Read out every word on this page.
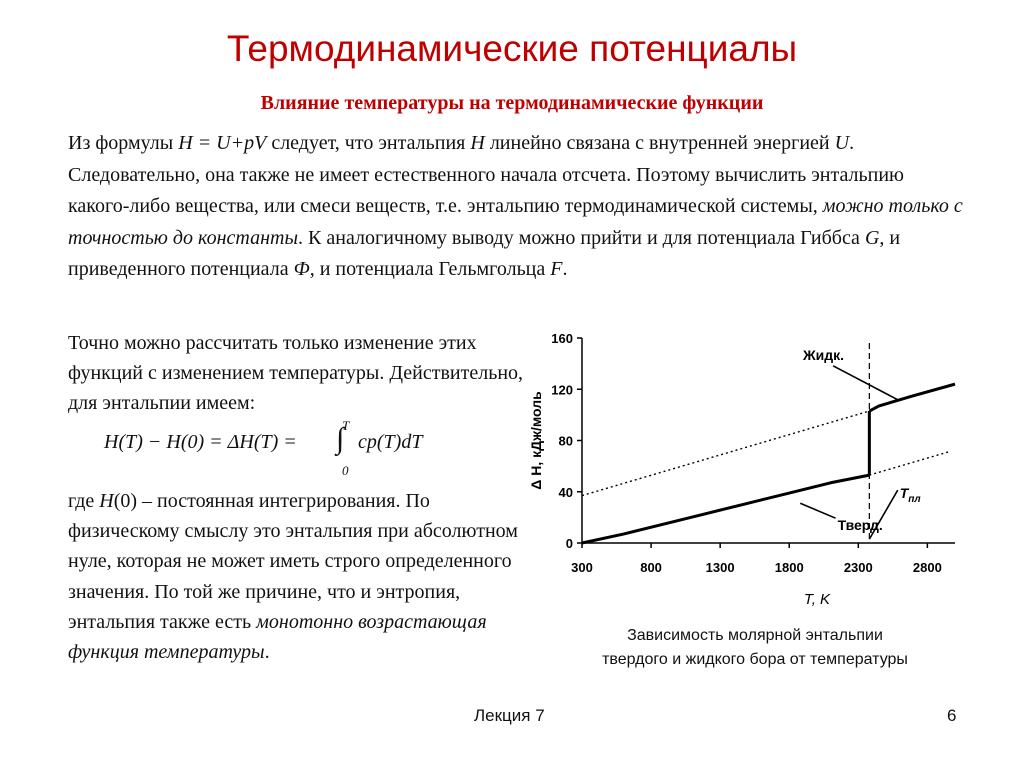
Термодинамические потенциалы
Влияние температуры на термодинамические функции
Из формулы H = U+pV следует, что энтальпия H линейно связана с внутренней энергией U. Следовательно, она также не имеет естественного начала отсчета. Поэтому вычислить энтальпию какого-либо вещества, или смеси веществ, т.е. энтальпию термодинамической системы, можно только с точностью до константы. К аналогичному выводу можно прийти и для потенциала Гиббса G, и приведенного потенциала Ф, и потенциала Гельмгольца F.
Точно можно рассчитать только изменение этих функций с изменением температуры. Действительно, для энтальпии имеем:
H(T) − H(0) = ΔH(T) =
T
∫
0
cp(T)dT
где H(0) – постоянная интегрирования. По физическому смыслу это энтальпия при абсолютном нуле, которая не может иметь строго определенного значения. По той же причине, что и энтропия, энтальпия также есть монотонно возрастающая функция температуры.
0
40
80
120
160
300	800	1300	1800	2300	2800
T, K
Δ H, кДж/моль
Жидк.
Тверд.
$T_{пл}$
Зависимость молярной энтальпии
твердого и жидкого бора от температуры
Лекция 7	6
